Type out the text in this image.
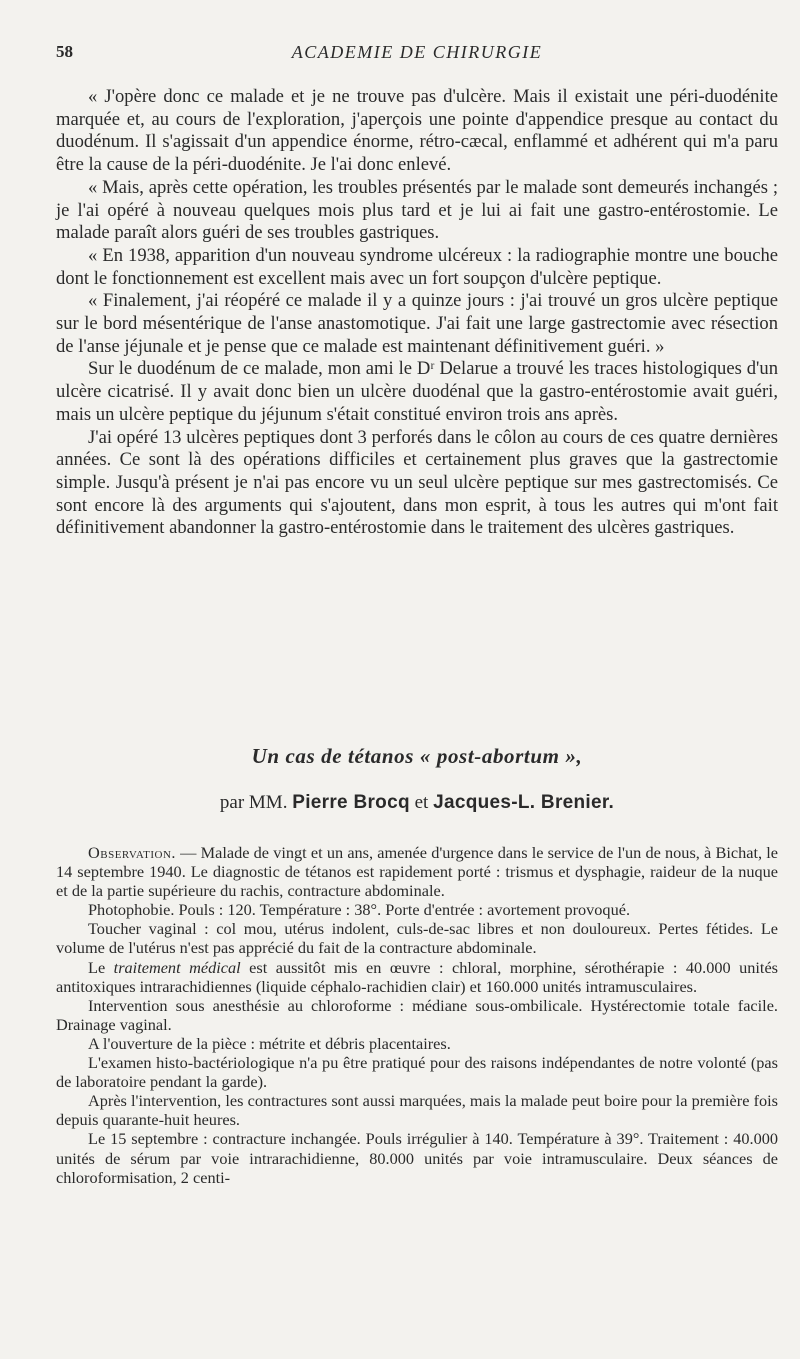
58	ACADEMIE DE CHIRURGIE

« J'opère donc ce malade et je ne trouve pas d'ulcère. Mais il existait une péri-duodénite marquée et, au cours de l'exploration, j'aperçois une pointe d'appendice presque au contact du duodénum. Il s'agissait d'un appendice énorme, rétro-cæcal, enflammé et adhérent qui m'a paru être la cause de la péri-duodénite. Je l'ai donc enlevé.

« Mais, après cette opération, les troubles présentés par le malade sont demeurés inchangés ; je l'ai opéré à nouveau quelques mois plus tard et je lui ai fait une gastro-entérostomie. Le malade paraît alors guéri de ses troubles gastriques.

« En 1938, apparition d'un nouveau syndrome ulcéreux : la radiographie montre une bouche dont le fonctionnement est excellent mais avec un fort soupçon d'ulcère peptique.

« Finalement, j'ai réopéré ce malade il y a quinze jours : j'ai trouvé un gros ulcère peptique sur le bord mésentérique de l'anse anastomotique. J'ai fait une large gastrectomie avec résection de l'anse jéjunale et je pense que ce malade est maintenant définitivement guéri. »

Sur le duodénum de ce malade, mon ami le Dʳ Delarue a trouvé les traces histologiques d'un ulcère cicatrisé. Il y avait donc bien un ulcère duodénal que la gastro-entérostomie avait guéri, mais un ulcère peptique du jéjunum s'était constitué environ trois ans après.

J'ai opéré 13 ulcères peptiques dont 3 perforés dans le côlon au cours de ces quatre dernières années. Ce sont là des opérations difficiles et certainement plus graves que la gastrectomie simple. Jusqu'à présent je n'ai pas encore vu un seul ulcère peptique sur mes gastrectomisés. Ce sont encore là des arguments qui s'ajoutent, dans mon esprit, à tous les autres qui m'ont fait définitivement abandonner la gastro-entérostomie dans le traitement des ulcères gastriques.

Un cas de tétanos « post-abortum »,
par MM. Pierre Brocq et Jacques-L. Brenier.

Observation. — Malade de vingt et un ans, amenée d'urgence dans le service de l'un de nous, à Bichat, le 14 septembre 1940. Le diagnostic de tétanos est rapidement porté : trismus et dysphagie, raideur de la nuque et de la partie supérieure du rachis, contracture abdominale.

Photophobie. Pouls : 120. Température : 38°. Porte d'entrée : avortement provoqué.

Toucher vaginal : col mou, utérus indolent, culs-de-sac libres et non douloureux. Pertes fétides. Le volume de l'utérus n'est pas apprécié du fait de la contracture abdominale.

Le traitement médical est aussitôt mis en œuvre : chloral, morphine, sérothérapie : 40.000 unités antitoxiques intrarachidiennes (liquide céphalo-rachidien clair) et 160.000 unités intramusculaires.

Intervention sous anesthésie au chloroforme : médiane sous-ombilicale. Hystérectomie totale facile. Drainage vaginal.

A l'ouverture de la pièce : métrite et débris placentaires.

L'examen histo-bactériologique n'a pu être pratiqué pour des raisons indépendantes de notre volonté (pas de laboratoire pendant la garde).

Après l'intervention, les contractures sont aussi marquées, mais la malade peut boire pour la première fois depuis quarante-huit heures.

Le 15 septembre : contracture inchangée. Pouls irrégulier à 140. Température à 39°. Traitement : 40.000 unités de sérum par voie intrarachidienne, 80.000 unités par voie intramusculaire. Deux séances de chloroformisation, 2 centi-
